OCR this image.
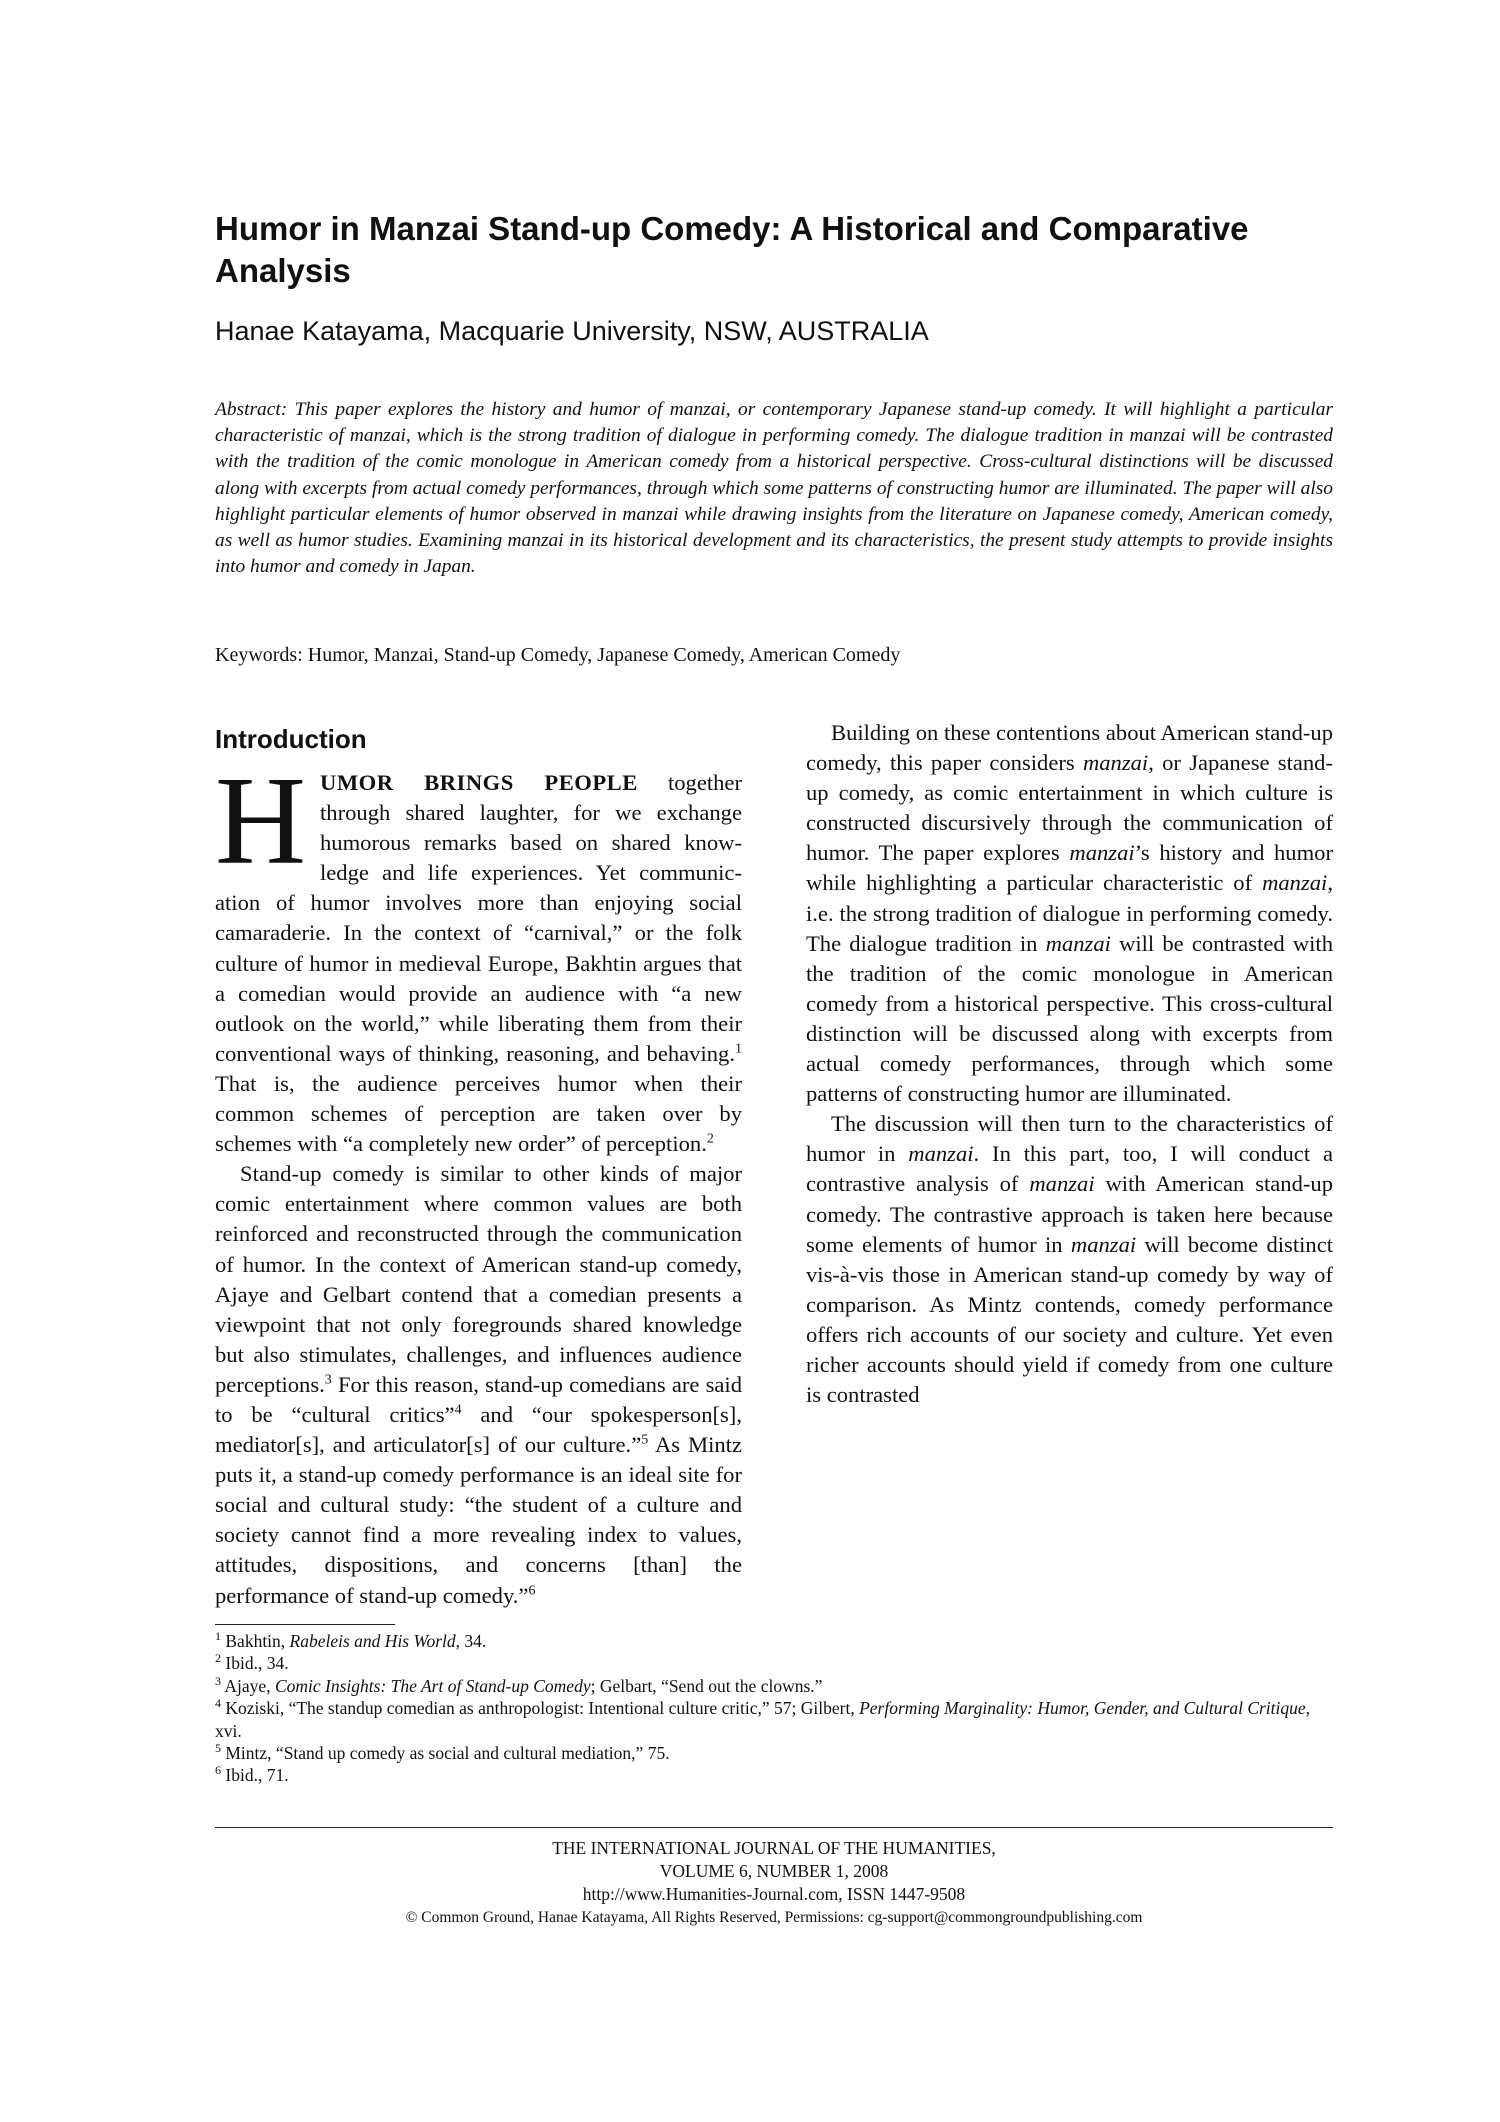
Humor in Manzai Stand-up Comedy: A Historical and Comparative Analysis
Hanae Katayama, Macquarie University, NSW, AUSTRALIA

Abstract: This paper explores the history and humor of manzai, or contemporary Japanese stand-up comedy. It will highlight a particular characteristic of manzai, which is the strong tradition of dialogue in performing comedy. The dialogue tradition in manzai will be contrasted with the tradition of the comic monologue in American comedy from a historical perspective. Cross-cultural distinctions will be discussed along with excerpts from actual comedy performances, through which some patterns of constructing humor are illuminated. The paper will also highlight particular elements of humor observed in manzai while drawing insights from the literature on Japanese comedy, American comedy, as well as humor studies. Examining manzai in its historical development and its characteristics, the present study attempts to provide insights into humor and comedy in Japan.

Keywords: Humor, Manzai, Stand-up Comedy, Japanese Comedy, American Comedy
Introduction

HUMOR BRINGS PEOPLE together through shared laughter, for we exchange humorous remarks based on shared knowledge and life experiences. Yet communication of humor involves more than enjoying social camaraderie. In the context of “carnival,” or the folk culture of humor in medieval Europe, Bakhtin argues that a comedian would provide an audience with “a new outlook on the world,” while liberating them from their conventional ways of thinking, reasoning, and behaving.$^1$ That is, the audience perceives humor when their common schemes of perception are taken over by schemes with “a completely new order” of perception.$^2$

Stand-up comedy is similar to other kinds of major comic entertainment where common values are both reinforced and reconstructed through the communication of humor. In the context of American stand-up comedy, Ajaye and Gelbart contend that a comedian presents a viewpoint that not only foregrounds shared knowledge but also stimulates, challenges, and influences audience perceptions.$^3$ For this reason, stand-up comedians are said to be “cultural critics”$^4$ and “our spokesperson[s], mediator[s], and articulator[s] of our culture.”$^5$ As Mintz puts it, a stand-up comedy performance is an ideal site for social and cultural study: “the student of a culture and society cannot find a more revealing index to values, attitudes, dispositions, and concerns [than] the performance of stand-up comedy.”$^6$

Building on these contentions about American stand-up comedy, this paper considers manzai, or Japanese stand-up comedy, as comic entertainment in which culture is constructed discursively through the communication of humor. The paper explores manzai’s history and humor while highlighting a particular characteristic of manzai, i.e. the strong tradition of dialogue in performing comedy. The dialogue tradition in manzai will be contrasted with the tradition of the comic monologue in American comedy from a historical perspective. This cross-cultural distinction will be discussed along with excerpts from actual comedy performances, through which some patterns of constructing humor are illuminated.

The discussion will then turn to the characteristics of humor in manzai. In this part, too, I will conduct a contrastive analysis of manzai with American stand-up comedy. The contrastive approach is taken here because some elements of humor in manzai will become distinct vis-à-vis those in American stand-up comedy by way of comparison. As Mintz contends, comedy performance offers rich accounts of our society and culture. Yet even richer accounts should yield if comedy from one culture is contrasted

$^1$ Bakhtin, Rabeleis and His World, 34.
$^2$ Ibid., 34.
$^3$ Ajaye, Comic Insights: The Art of Stand-up Comedy; Gelbart, “Send out the clowns.”
$^4$ Koziski, “The standup comedian as anthropologist: Intentional culture critic,” 57; Gilbert, Performing Marginality: Humor, Gender, and Cultural Critique, xvi.
$^5$ Mintz, “Stand up comedy as social and cultural mediation,” 75.
$^6$ Ibid., 71.
THE INTERNATIONAL JOURNAL OF THE HUMANITIES,
VOLUME 6, NUMBER 1, 2008
http://www.Humanities-Journal.com, ISSN 1447-9508
© Common Ground, Hanae Katayama, All Rights Reserved, Permissions: cg-support@commongroundpublishing.com
